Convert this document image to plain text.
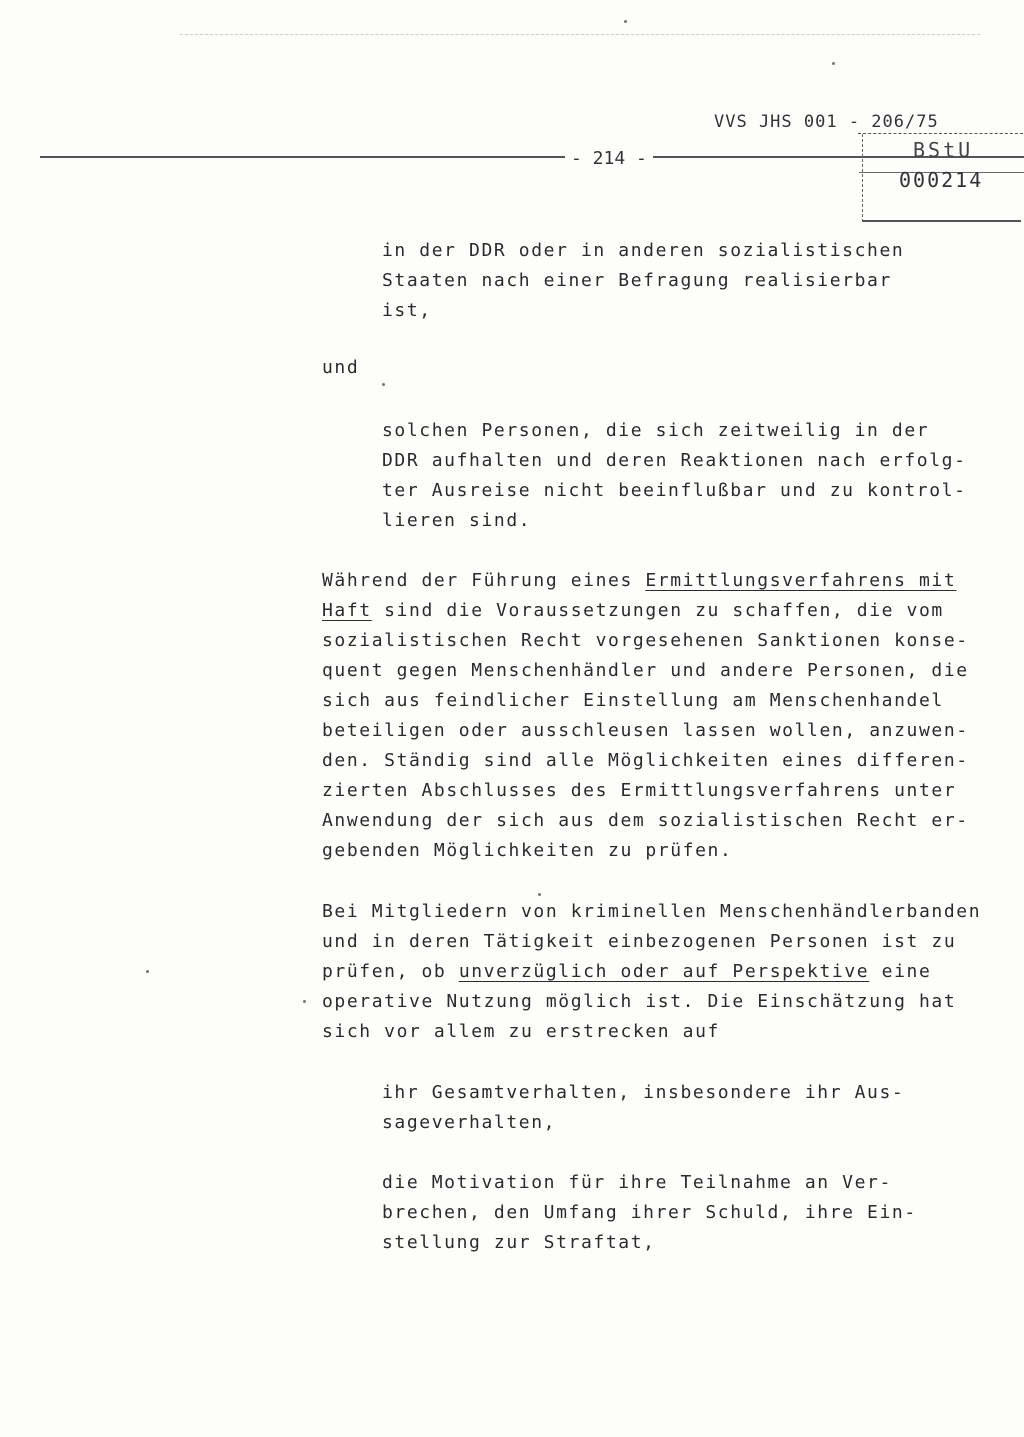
VVS JHS 001 - 206/75
- 214 -	BStU
000214

in der DDR oder in anderen sozialistischen

Staaten nach einer Befragung realisierbar

ist,

und

solchen Personen, die sich zeitweilig in der

DDR aufhalten und deren Reaktionen nach erfolg-

ter Ausreise nicht beeinflußbar und zu kontrol-

lieren sind.

Während der Führung eines Ermittlungsverfahrens mit

Haft sind die Voraussetzungen zu schaffen, die vom

sozialistischen Recht vorgesehenen Sanktionen konse-

quent gegen Menschenhändler und andere Personen, die

sich aus feindlicher Einstellung am Menschenhandel

beteiligen oder ausschleusen lassen wollen, anzuwen-

den. Ständig sind alle Möglichkeiten eines differen-

zierten Abschlusses des Ermittlungsverfahrens unter

Anwendung der sich aus dem sozialistischen Recht er-

gebenden Möglichkeiten zu prüfen.

Bei Mitgliedern von kriminellen Menschenhändlerbanden

und in deren Tätigkeit einbezogenen Personen ist zu

prüfen, ob unverzüglich oder auf Perspektive eine

operative Nutzung möglich ist. Die Einschätzung hat

sich vor allem zu erstrecken auf

ihr Gesamtverhalten, insbesondere ihr Aus-

sageverhalten,

die Motivation für ihre Teilnahme an Ver-

brechen, den Umfang ihrer Schuld, ihre Ein-

stellung zur Straftat,
